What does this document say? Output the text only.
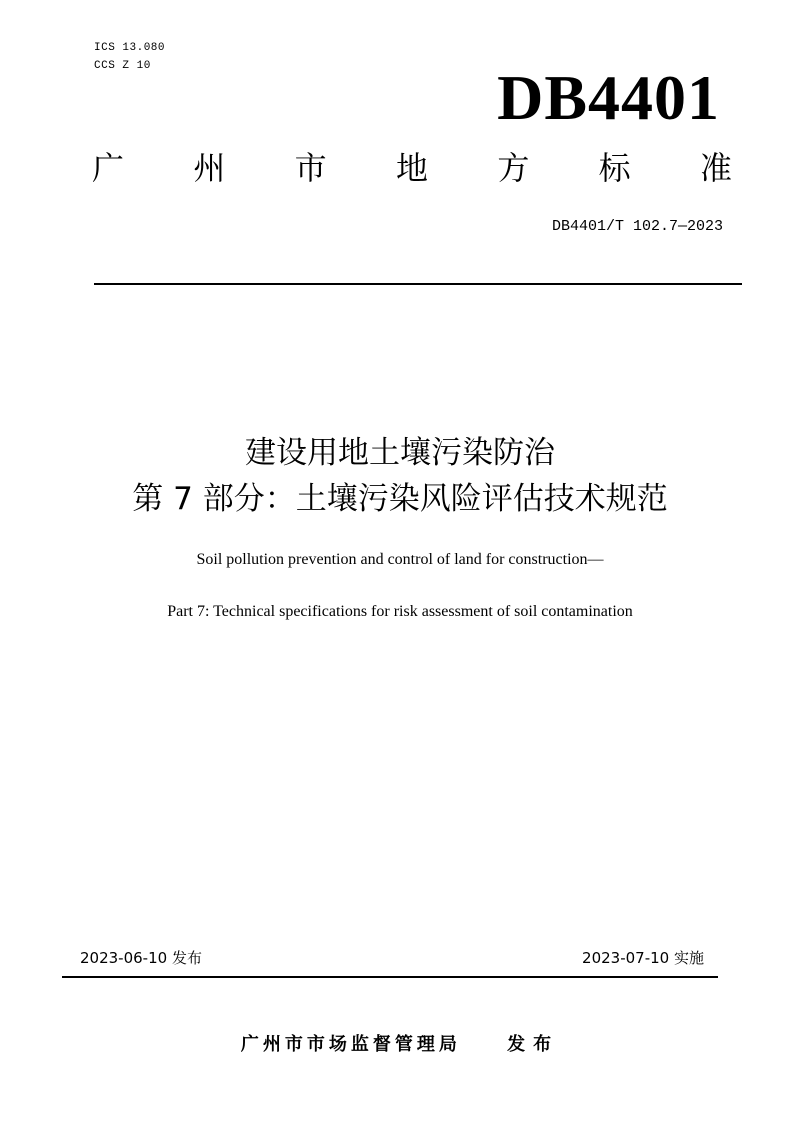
ICS 13.080
CCS Z 10	DB4401
广 州 市 地 方 标 准
DB4401/T 102.7—2023
建设用地土壤污染防治
第 7 部分：土壤污染风险评估技术规范
Soil pollution prevention and control of land for construction—
Part 7: Technical specifications for risk assessment of soil contamination
2023-06-10 发布	2023-07-10 实施
广州市市场监督管理局	发布
